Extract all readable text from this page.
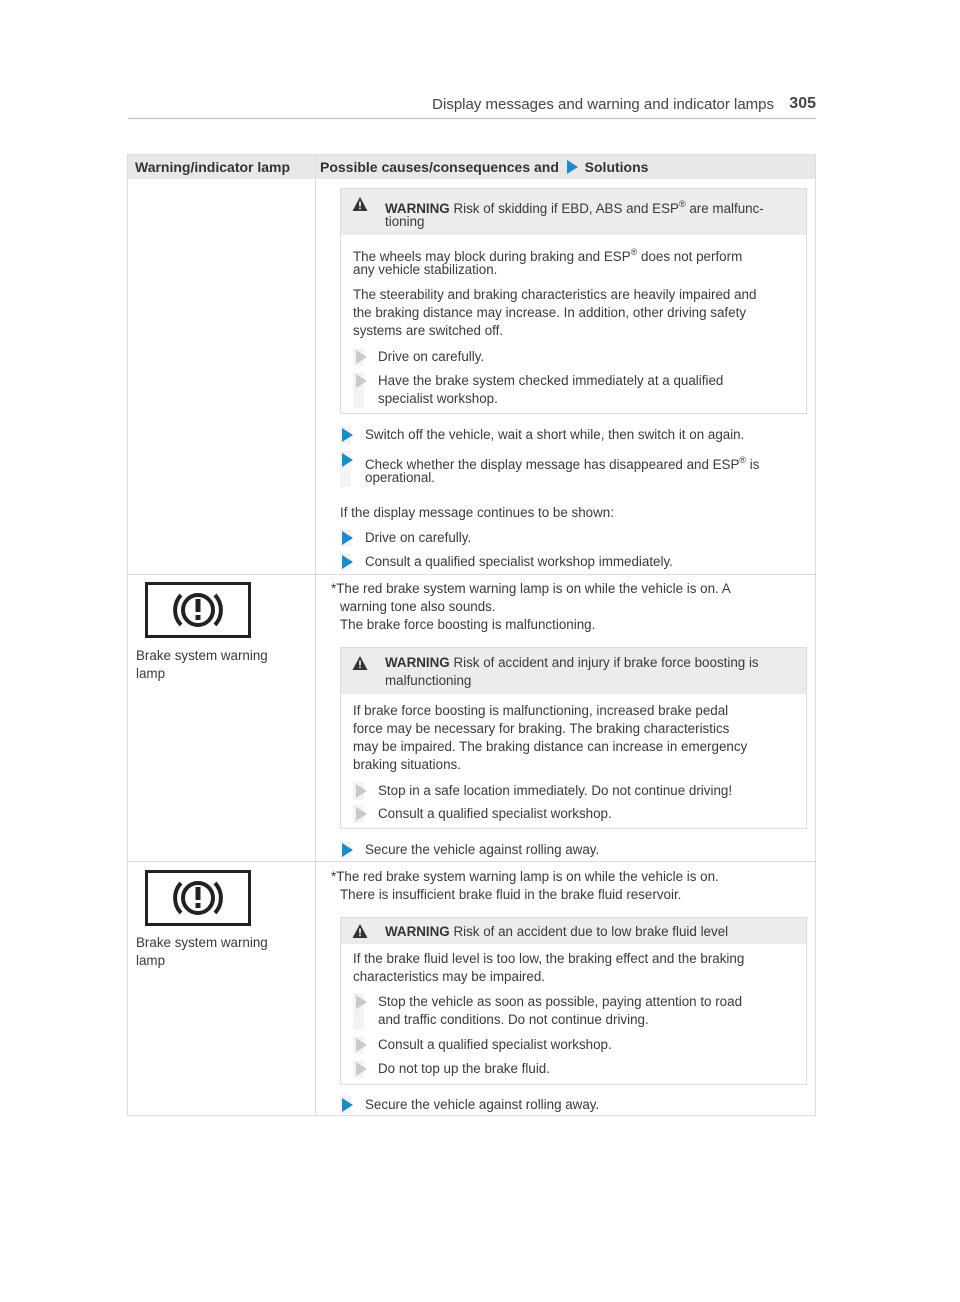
Display messages and warning and indicator lamps 305
Warning/indicator lamp Possible causes/consequences and Solutions
WARNING Risk of skidding if EBD, ABS and ESP® are malfunc-
tioning
The wheels may block during braking and ESP® does not perform
any vehicle stabilization.
The steerability and braking characteristics are heavily impaired and
the braking distance may increase. In addition, other driving safety
systems are switched off.
Drive on carefully.
Have the brake system checked immediately at a qualified
specialist workshop.
Switch off the vehicle, wait a short while, then switch it on again.
Check whether the display message has disappeared and ESP® is
operational.
If the display message continues to be shown:
Drive on carefully.
Consult a qualified specialist workshop immediately.
Brake system warning
lamp
*The red brake system warning lamp is on while the vehicle is on. A
warning tone also sounds.
The brake force boosting is malfunctioning.
WARNING Risk of accident and injury if brake force boosting is
malfunctioning
If brake force boosting is malfunctioning, increased brake pedal
force may be necessary for braking. The braking characteristics
may be impaired. The braking distance can increase in emergency
braking situations.
Stop in a safe location immediately. Do not continue driving!
Consult a qualified specialist workshop.
Secure the vehicle against rolling away.
Brake system warning
lamp
*The red brake system warning lamp is on while the vehicle is on.
There is insufficient brake fluid in the brake fluid reservoir.
WARNING Risk of an accident due to low brake fluid level
If the brake fluid level is too low, the braking effect and the braking
characteristics may be impaired.
Stop the vehicle as soon as possible, paying attention to road
and traffic conditions. Do not continue driving.
Consult a qualified specialist workshop.
Do not top up the brake fluid.
Secure the vehicle against rolling away.
